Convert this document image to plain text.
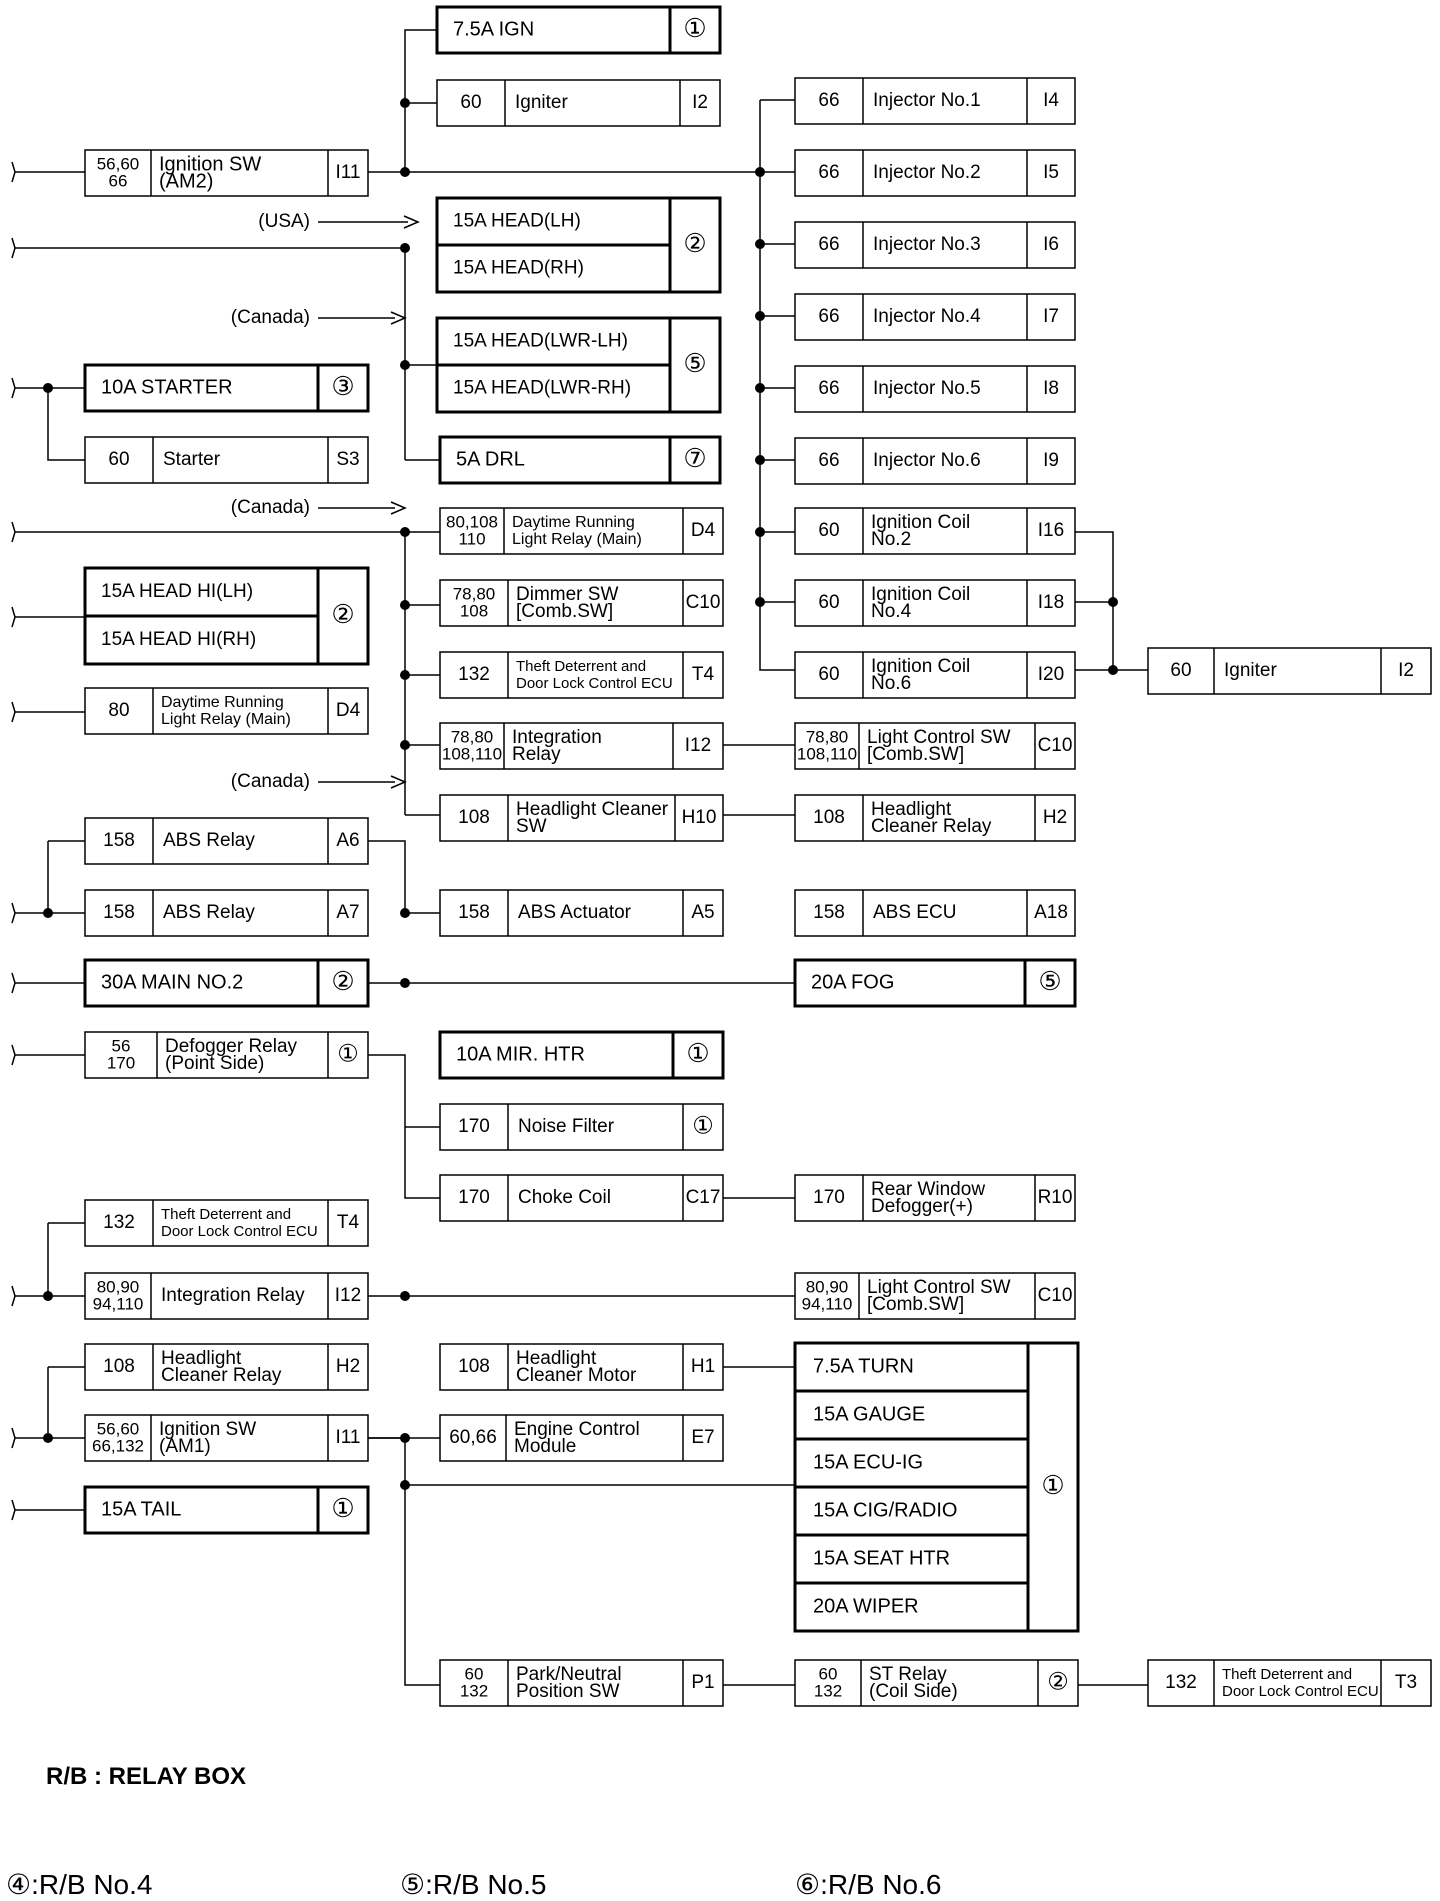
7.5A IGN	①
60 Igniter	I2
56,60
66
Ignition SW
(AM2)	I11
15A HEAD(LH)
15A HEAD(RH)
②
15A HEAD(LWR-LH)
15A HEAD(LWR-RH)
⑤
10A STARTER	③
60 Starter	S3	5A DRL	⑦
80,108
110
Daytime Running
Light Relay (Main)	D4
15A HEAD HI(LH)
15A HEAD HI(RH)
②
78,80
108
Dimmer SW
[Comb.SW]	C10
132 Theft Deterrent and
Door Lock Control ECU T4
80 Daytime Running
Light Relay (Main) D4
78,80
108,110
Integration
Relay	I12	78,80
108,110
Light Control SW
[Comb.SW]	C10
108 Headlight Cleaner
SW	H10	108 Headlight
Cleaner Relay	H2
158 ABS Relay	A6
158 ABS Relay	A7	158 ABS Actuator	A5	158 ABS ECU	A18
30A MAIN NO.2	②	20A FOG	⑤
56
170
Defogger Relay
(Point Side)	①	10A MIR. HTR	①
170 Noise Filter	①
170 Choke Coil	C17	170 Rear Window
Defogger(+)	R10
132 Theft Deterrent and
Door Lock Control ECU T4
80,90
94,110 Integration Relay I12	80,90
94,110
Light Control SW
[Comb.SW]	C10
108 Headlight
Cleaner Relay	H2	108 Headlight
Cleaner Motor	H1
56,60
66,132
Ignition SW
(AM1)	I11	60,66 Engine Control
Module	E7
15A TAIL	①
7.5A TURN
15A GAUGE
15A ECU-IG
15A CIG/RADIO
15A SEAT HTR
20A WIPER
①
60
132
Park/Neutral
Position SW	P1	60
132
ST Relay
(Coil Side)	②	132 Theft Deterrent and
Door Lock Control ECU T3
66 Injector No.1	I4
66 Injector No.2	I5
66 Injector No.3	I6
66 Injector No.4	I7
66 Injector No.5	I8
66 Injector No.6	I9
60 Ignition Coil
No.2	I16
60 Ignition Coil
No.4	I18
60 Ignition Coil
No.6	I20	60 Igniter	I2
(USA)
(Canada)
(Canada)
(Canada)
R/B : RELAY BOX
④:R/B No.4	⑤:R/B No.5	⑥:R/B No.6
